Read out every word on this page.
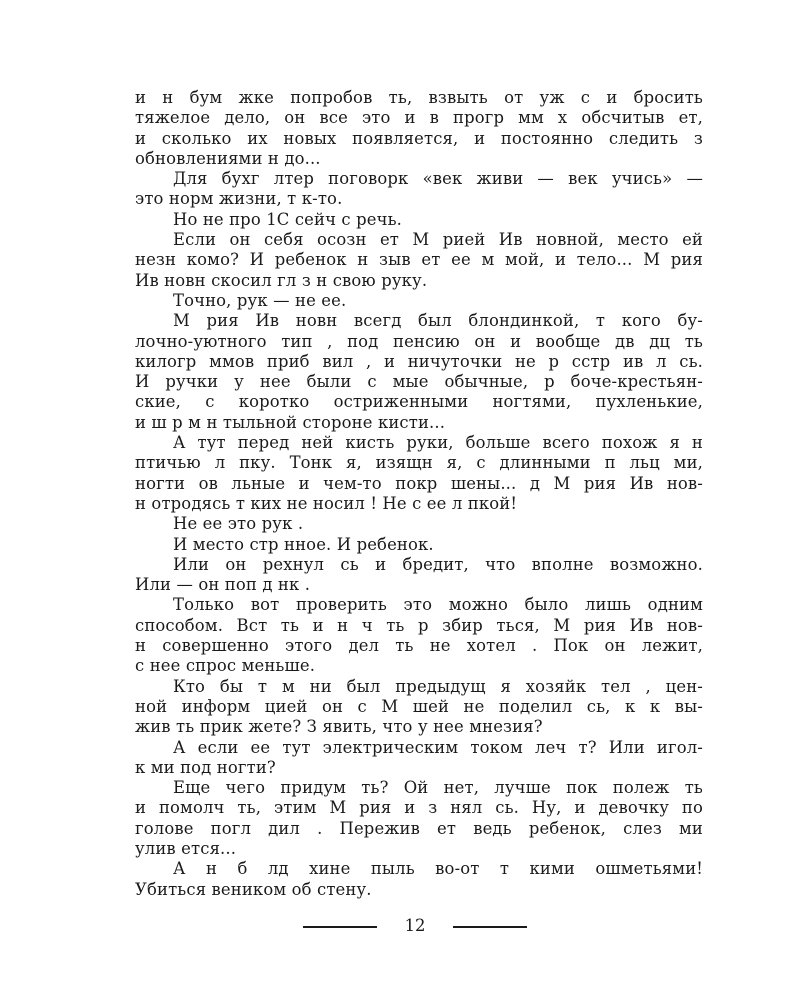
и н бум жке попробов ть, взвыть от уж с и бросить
тяжелое дело, он все это и в прогр мм х обсчитыв ет,
и сколько их новых появляется, и постоянно следить з
обновлениями н до...
Для бухг лтер поговорк «век живи — век учись» —
это норм жизни, т к-то.
Но не про 1С сейч с речь.
Если он себя осозн ет М рией Ив новной, место ей
незн комо? И ребенок н зыв ет ее м мой, и тело... М рия
Ив новн скосил гл з н свою руку.
Точно, рук — не ее.
М рия Ив новн всегд был блондинкой, т кого бу-
лочно-уютного тип , под пенсию он и вообще дв дц ть
килогр ммов приб вил , и ничуточки не р сстр ив л сь.
И ручки у нее были с мые обычные, р боче-крестьян-
ские, с коротко остриженными ногтями, пухленькие,
и ш р м н тыльной стороне кисти...
А тут перед ней кисть руки, больше всего похож я н
птичью л пку. Тонк я, изящн я, с длинными п льц ми,
ногти ов льные и чем-то покр шены... д М рия Ив нов-
н отродясь т ких не носил ! Не с ее л пкой!
Не ее это рук .
И место стр нное. И ребенок.
Или он рехнул сь и бредит, что вполне возможно.
Или — он поп д нк .
Только вот проверить это можно было лишь одним
способом. Вст ть и н ч ть р збир ться, М рия Ив нов-
н совершенно этого дел ть не хотел . Пок он лежит,
с нее спрос меньше.
Кто бы т м ни был предыдущ я хозяйк тел , цен-
ной информ цией он с М шей не поделил сь, к к вы-
жив ть прик жете? З явить, что у нее мнезия?
А если ее тут электрическим током леч т? Или игол-
к ми под ногти?
Еще чего придум ть? Ой нет, лучше пок полеж ть
и помолч ть, этим М рия и з нял сь. Ну, и девочку по
голове погл дил . Пережив ет ведь ребенок, слез ми
улив ется...
А н б лд хине пыль во-от т кими ошметьями!
Убиться веником об стену.
12
